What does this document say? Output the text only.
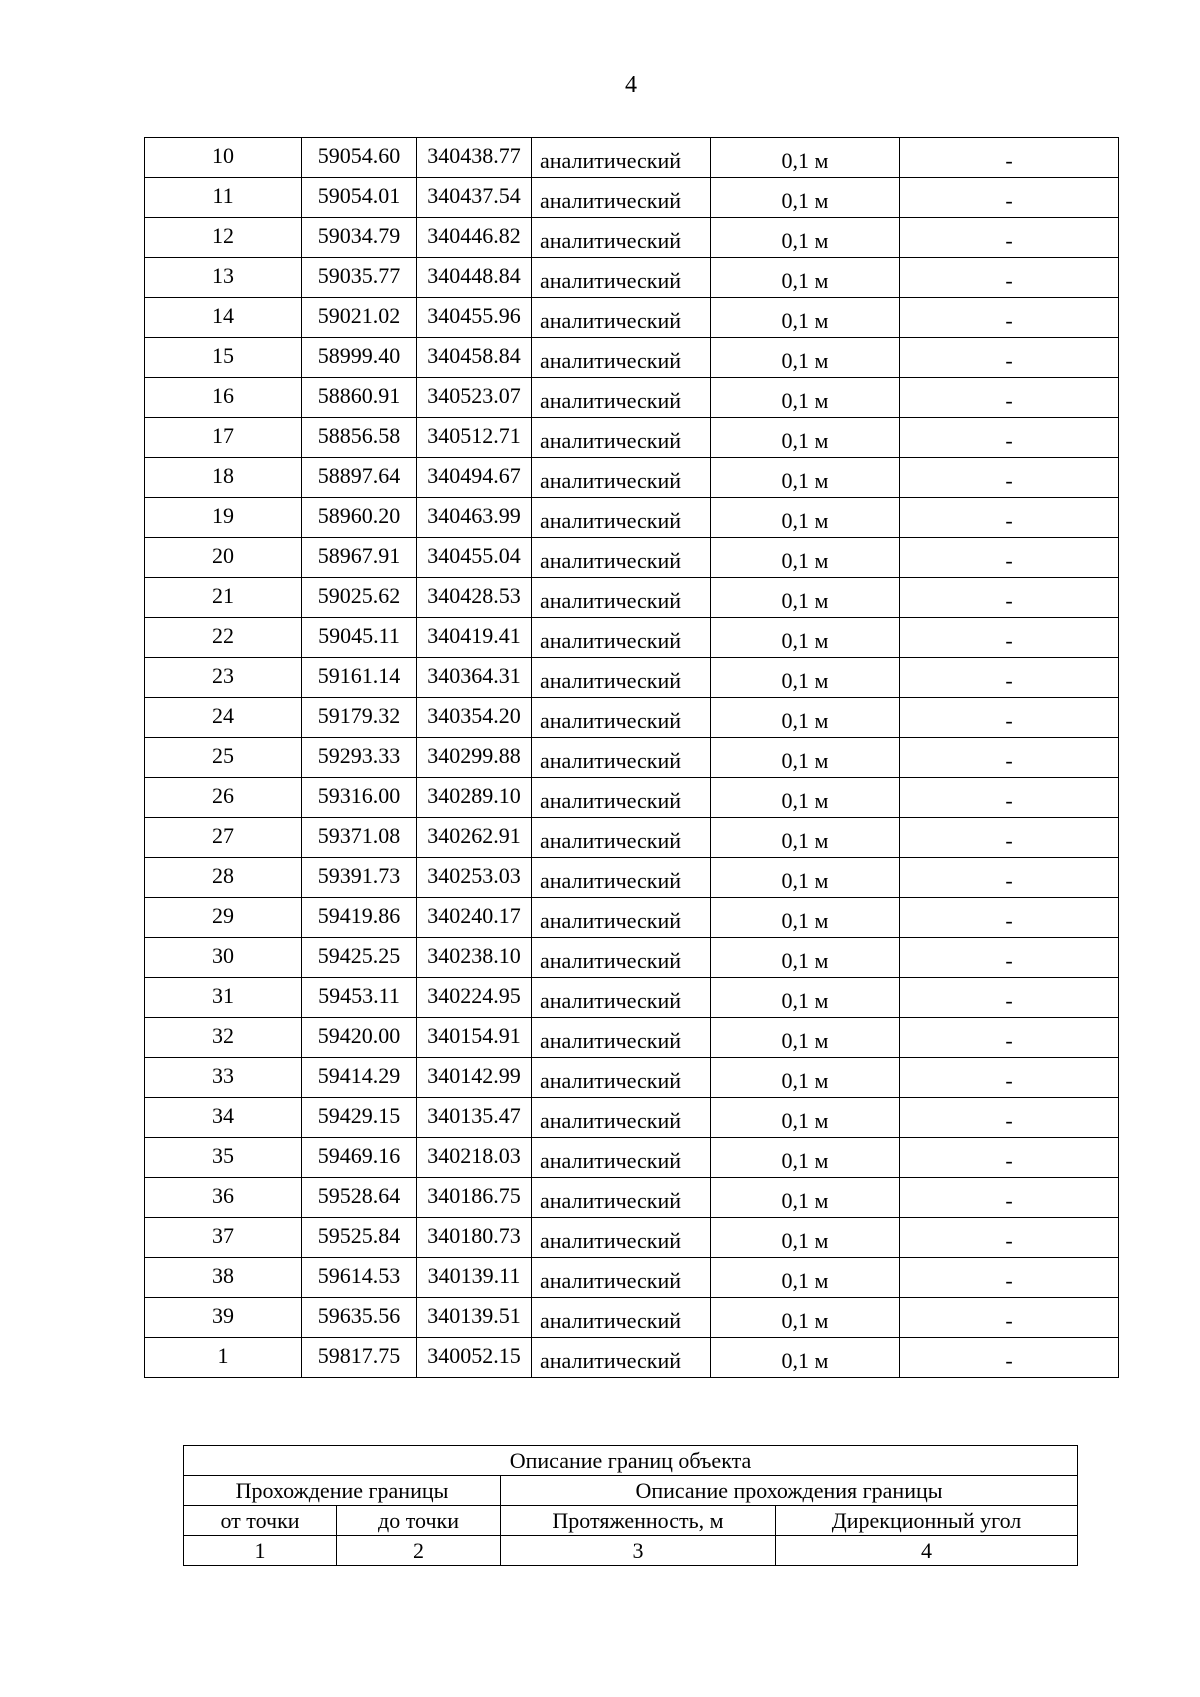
4
10	59054.60	340438.77	аналитический	0,1 м	-
11	59054.01	340437.54	аналитический	0,1 м	-
12	59034.79	340446.82	аналитический	0,1 м	-
13	59035.77	340448.84	аналитический	0,1 м	-
14	59021.02	340455.96	аналитический	0,1 м	-
15	58999.40	340458.84	аналитический	0,1 м	-
16	58860.91	340523.07	аналитический	0,1 м	-
17	58856.58	340512.71	аналитический	0,1 м	-
18	58897.64	340494.67	аналитический	0,1 м	-
19	58960.20	340463.99	аналитический	0,1 м	-
20	58967.91	340455.04	аналитический	0,1 м	-
21	59025.62	340428.53	аналитический	0,1 м	-
22	59045.11	340419.41	аналитический	0,1 м	-
23	59161.14	340364.31	аналитический	0,1 м	-
24	59179.32	340354.20	аналитический	0,1 м	-
25	59293.33	340299.88	аналитический	0,1 м	-
26	59316.00	340289.10	аналитический	0,1 м	-
27	59371.08	340262.91	аналитический	0,1 м	-
28	59391.73	340253.03	аналитический	0,1 м	-
29	59419.86	340240.17	аналитический	0,1 м	-
30	59425.25	340238.10	аналитический	0,1 м	-
31	59453.11	340224.95	аналитический	0,1 м	-
32	59420.00	340154.91	аналитический	0,1 м	-
33	59414.29	340142.99	аналитический	0,1 м	-
34	59429.15	340135.47	аналитический	0,1 м	-
35	59469.16	340218.03	аналитический	0,1 м	-
36	59528.64	340186.75	аналитический	0,1 м	-
37	59525.84	340180.73	аналитический	0,1 м	-
38	59614.53	340139.11	аналитический	0,1 м	-
39	59635.56	340139.51	аналитический	0,1 м	-
1	59817.75	340052.15	аналитический	0,1 м	-
Описание границ объекта			
Прохождение границы		Описание прохождения границы	
от точки	до точки	Протяженность, м	Дирекционный угол
1	2	3	4
